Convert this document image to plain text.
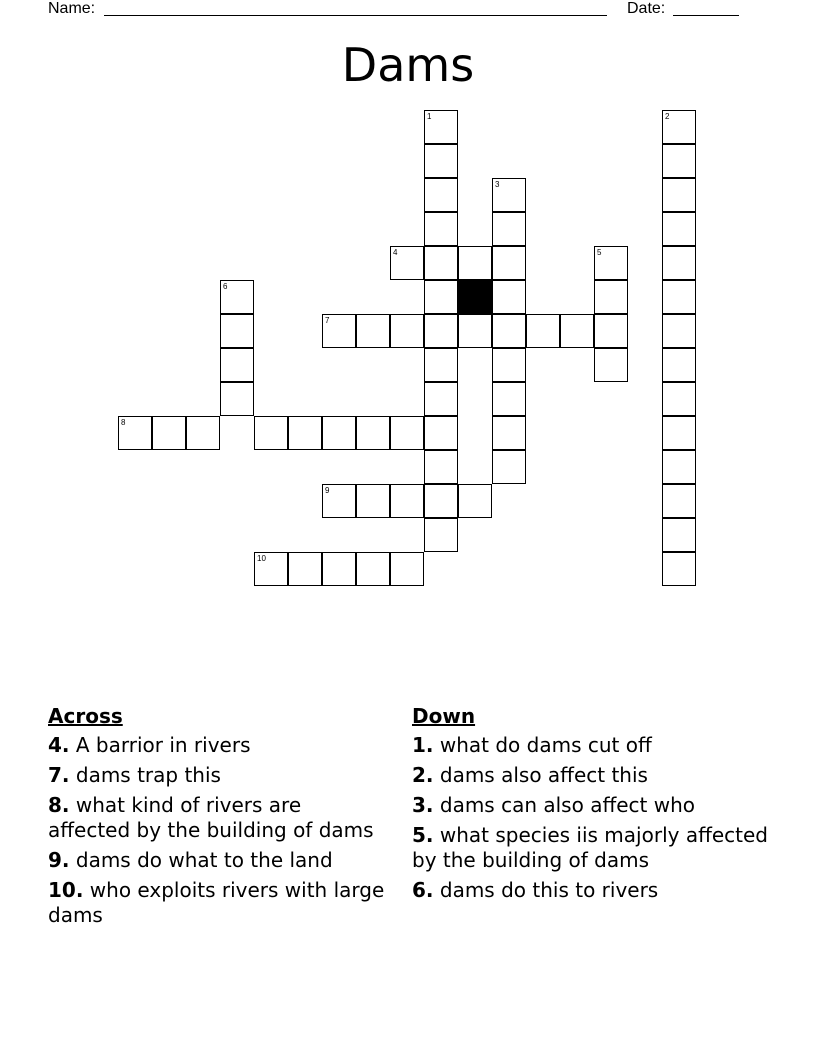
Name:	Date:
Dams
1	2
3
4	5
6
7
8
9
10
Across
4. A barrior in rivers
7. dams trap this
8. what kind of rivers are affected by the building of dams
9. dams do what to the land
10. who exploits rivers with large dams
Down
1. what do dams cut off
2. dams also affect this
3. dams can also affect who
5. what species iis majorly affected by the building of dams
6. dams do this to rivers
